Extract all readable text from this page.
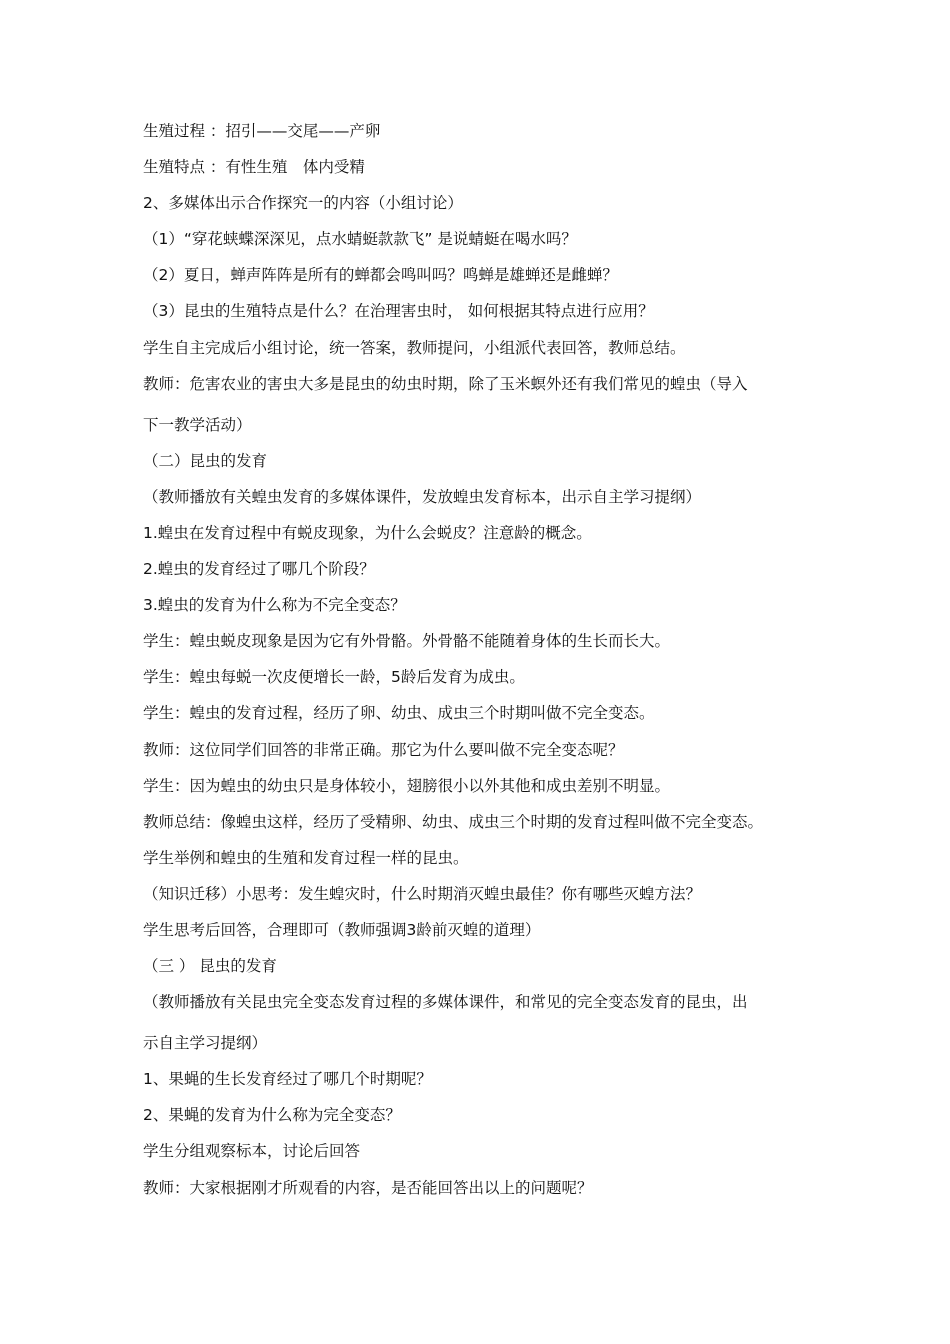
生殖过程 ：招引——交尾——产卵
生殖特点 ：有性生殖　体内受精
2、多媒体出示合作探究一的内容（小组讨论）
（1）“穿花蛱蝶深深见，点水蜻蜓款款飞” 是说蜻蜓在喝水吗？
（2）夏日，蝉声阵阵是所有的蝉都会鸣叫吗？鸣蝉是雄蝉还是雌蝉？
（3）昆虫的生殖特点是什么？在治理害虫时， 如何根据其特点进行应用？
学生自主完成后小组讨论，统一答案，教师提问，小组派代表回答，教师总结。
教师：危害农业的害虫大多是昆虫的幼虫时期，除了玉米螟外还有我们常见的蝗虫（导入
下一教学活动）
（二）昆虫的发育
（教师播放有关蝗虫发育的多媒体课件，发放蝗虫发育标本，出示自主学习提纲）
1.蝗虫在发育过程中有蜕皮现象，为什么会蜕皮？注意龄的概念。
2.蝗虫的发育经过了哪几个阶段？
3.蝗虫的发育为什么称为不完全变态？
学生：蝗虫蜕皮现象是因为它有外骨骼。外骨骼不能随着身体的生长而长大。
学生：蝗虫每蜕一次皮便增长一龄，5龄后发育为成虫。
学生：蝗虫的发育过程，经历了卵、幼虫、成虫三个时期叫做不完全变态。
教师：这位同学们回答的非常正确。那它为什么要叫做不完全变态呢？
学生：因为蝗虫的幼虫只是身体较小，翅膀很小以外其他和成虫差别不明显。
教师总结：像蝗虫这样，经历了受精卵、幼虫、成虫三个时期的发育过程叫做不完全变态。
学生举例和蝗虫的生殖和发育过程一样的昆虫。
（知识迁移）小思考：发生蝗灾时，什么时期消灭蝗虫最佳？你有哪些灭蝗方法？
学生思考后回答，合理即可（教师强调3龄前灭蝗的道理）
（三 ） 昆虫的发育
（教师播放有关昆虫完全变态发育过程的多媒体课件，和常见的完全变态发育的昆虫，出
示自主学习提纲）
1、果蝇的生长发育经过了哪几个时期呢？
2、果蝇的发育为什么称为完全变态？
学生分组观察标本，讨论后回答
教师：大家根据刚才所观看的内容，是否能回答出以上的问题呢？
